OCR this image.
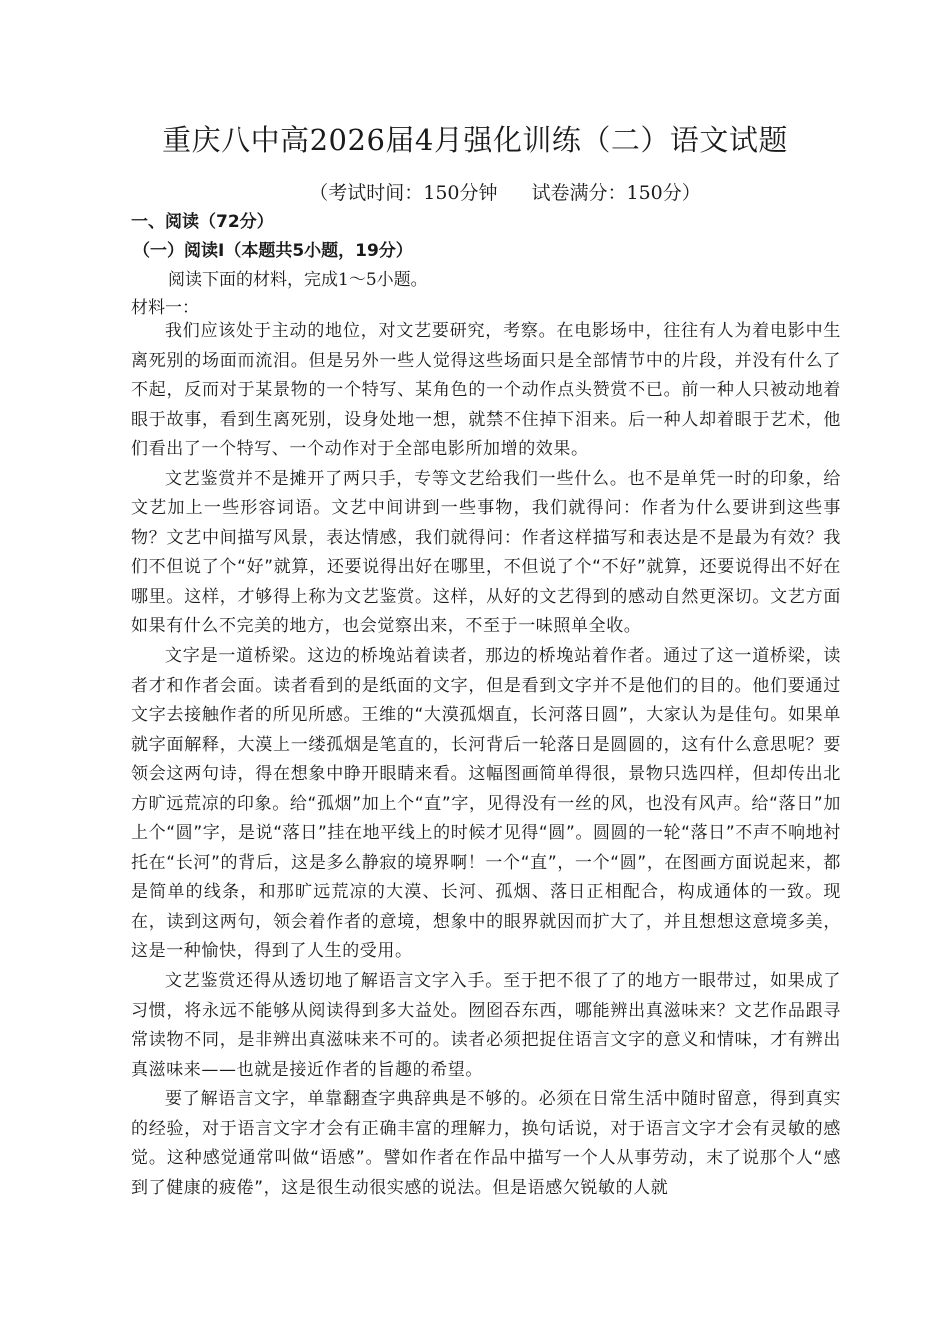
重庆八中高2026届4月强化训练（二）语文试题
（考试时间：150分钟 试卷满分：150分）
一、阅读（72分）
（一）阅读Ⅰ（本题共5小题，19分）
阅读下面的材料，完成1～5小题。
材料一：

我们应该处于主动的地位，对文艺要研究，考察。在电影场中，往往有人为着电影中生离死别的场面而流泪。但是另外一些人觉得这些场面只是全部情节中的片段，并没有什么了不起，反而对于某景物的一个特写、某角色的一个动作点头赞赏不已。前一种人只被动地着眼于故事，看到生离死别，设身处地一想，就禁不住掉下泪来。后一种人却着眼于艺术，他们看出了一个特写、一个动作对于全部电影所加增的效果。

文艺鉴赏并不是摊开了两只手，专等文艺给我们一些什么。也不是单凭一时的印象，给文艺加上一些形容词语。文艺中间讲到一些事物，我们就得问：作者为什么要讲到这些事物？文艺中间描写风景，表达情感，我们就得问：作者这样描写和表达是不是最为有效？我们不但说了个“好”就算，还要说得出好在哪里，不但说了个“不好”就算，还要说得出不好在哪里。这样，才够得上称为文艺鉴赏。这样，从好的文艺得到的感动自然更深切。文艺方面如果有什么不完美的地方，也会觉察出来，不至于一味照单全收。

文字是一道桥梁。这边的桥堍站着读者，那边的桥堍站着作者。通过了这一道桥梁，读者才和作者会面。读者看到的是纸面的文字，但是看到文字并不是他们的目的。他们要通过文字去接触作者的所见所感。王维的“大漠孤烟直，长河落日圆”，大家认为是佳句。如果单就字面解释，大漠上一缕孤烟是笔直的，长河背后一轮落日是圆圆的，这有什么意思呢？要领会这两句诗，得在想象中睁开眼睛来看。这幅图画简单得很，景物只选四样，但却传出北方旷远荒凉的印象。给“孤烟”加上个“直”字，见得没有一丝的风，也没有风声。给“落日”加上个“圆”字，是说“落日”挂在地平线上的时候才见得“圆”。圆圆的一轮“落日”不声不响地衬托在“长河”的背后，这是多么静寂的境界啊！一个“直”，一个“圆”，在图画方面说起来，都是简单的线条，和那旷远荒凉的大漠、长河、孤烟、落日正相配合，构成通体的一致。现在，读到这两句，领会着作者的意境，想象中的眼界就因而扩大了，并且想想这意境多美，这是一种愉快，得到了人生的受用。

文艺鉴赏还得从透切地了解语言文字入手。至于把不很了了的地方一眼带过，如果成了习惯，将永远不能够从阅读得到多大益处。囫囵吞东西，哪能辨出真滋味来？文艺作品跟寻常读物不同，是非辨出真滋味来不可的。读者必须把捉住语言文字的意义和情味，才有辨出真滋味来——也就是接近作者的旨趣的希望。

要了解语言文字，单靠翻查字典辞典是不够的。必须在日常生活中随时留意，得到真实的经验，对于语言文字才会有正确丰富的理解力，换句话说，对于语言文字才会有灵敏的感觉。这种感觉通常叫做“语感”。譬如作者在作品中描写一个人从事劳动，末了说那个人“感到了健康的疲倦”，这是很生动很实感的说法。但是语感欠锐敏的人就
